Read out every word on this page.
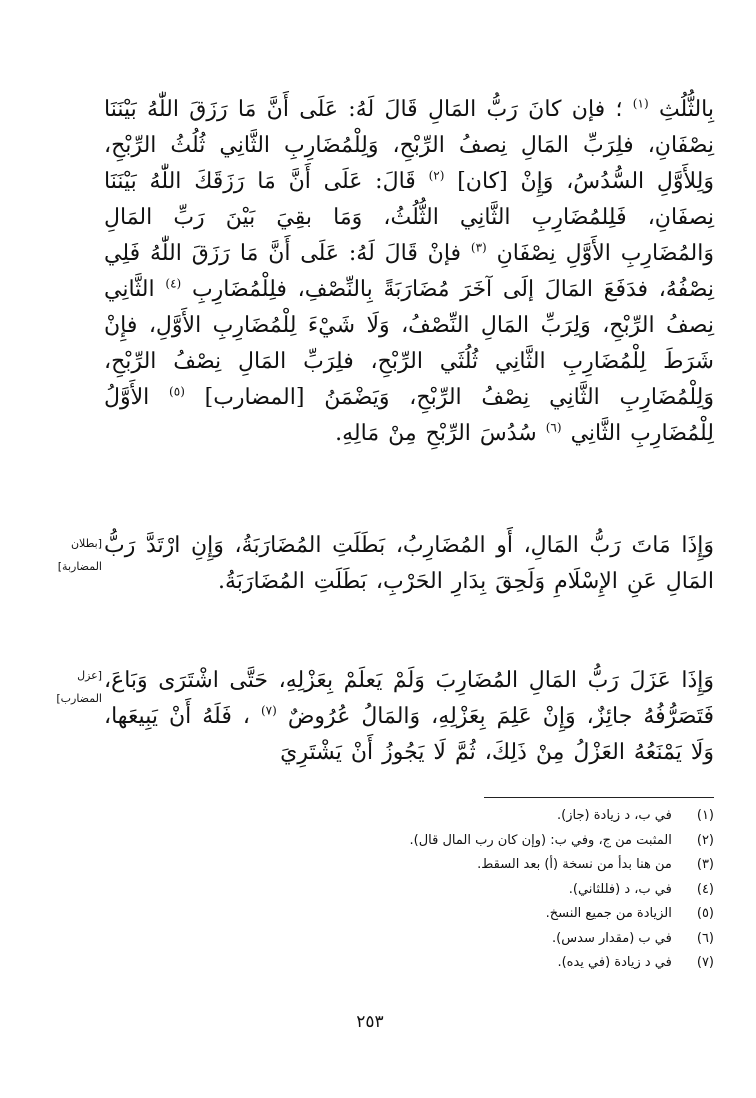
بِالثُّلُثِ $^{(١)}$ ؛ فإن كانَ رَبُّ المَالِ قَالَ لَهُ: عَلَى أَنَّ مَا رَزَقَ اللّٰهُ بَيْنَنَا نِصْفَانِ، فلِرَبِّ المَالِ نِصفُ الرِّبْحِ، وَلِلْمُضَارِبِ الثَّانِي ثُلُثُ الرِّبْحِ، وَلِلأَوَّلِ السُّدُسُ، وَإِنْ [كان] $^{(٢)}$ قَالَ: عَلَى أَنَّ مَا رَزَقَكَ اللّٰهُ بَيْنَنَا نِصفَانِ، فَلِلمُضَارِبِ الثَّانِي الثُّلُثُ، وَمَا بقِيَ بَيْنَ رَبِّ المَالِ وَالمُضَارِبِ الأَوَّلِ نِصْفَانِ $^{(٣)}$ فإنْ قَالَ لَهُ: عَلَى أَنَّ مَا رَزَقَ اللّٰهُ فَلِي نِصْفُهُ، فدَفَعَ المَالَ إلَى آخَرَ مُضَارَبَةً بِالنِّصْفِ، فلِلْمُضَارِبِ $^{(٤)}$ الثَّانِي نِصفُ الرِّبْحِ، وَلِرَبِّ المَالِ النِّصْفُ، وَلَا شَيْءَ لِلْمُضَارِبِ الأَوَّلِ، فإِنْ شَرَطَ لِلْمُضَارِبِ الثَّانِي ثُلُثَي الرِّبْحِ، فلِرَبِّ المَالِ نِصْفُ الرِّبْحِ، وَلِلْمُضَارِبِ الثَّانِي نِصْفُ الرِّبْحِ، وَيَضْمَنُ [المضارب] $^{(٥)}$ الأَوَّلُ لِلْمُضَارِبِ الثَّانِي $^{(٦)}$ سُدُسَ الرِّبْحِ مِنْ مَالِهِ.

[بطلان
المضاربة]

وَإِذَا مَاتَ رَبُّ المَالِ، أَو المُضَارِبُ، بَطَلَتِ المُضَارَبَةُ، وَإِنِ ارْتَدَّ رَبُّ المَالِ عَنِ الإِسْلَامِ وَلَحِقَ بِدَارِ الحَرْبِ، بَطَلَتِ المُضَارَبَةُ.

[عزل
المضارب]

وَإِذَا عَزَلَ رَبُّ المَالِ المُضَارِبَ وَلَمْ يَعلَمْ بِعَزْلِهِ، حَتَّى اشْتَرَى وَبَاعَ، فَتَصَرُّفُهُ جائِزٌ، وَإِنْ عَلِمَ بِعَزْلِهِ، وَالمَالُ عُرُوضٌ $^{(٧)}$ ، فَلَهُ أَنْ يَبِيعَها، وَلَا يَمْنَعُهُ العَزْلُ مِنْ ذَلِكَ، ثُمَّ لَا يَجُوزُ أَنْ يَشْتَرِيَ

(١) في ب، د زيادة (جاز).
(٢) المثبت من ج، وفي ب: (وإن كان رب المال قال).
(٣) من هنا بدأ من نسخة (أ) بعد السقط.
(٤) في ب، د (فللثاني).
(٥) الزيادة من جميع النسخ.
(٦) في ب (مقدار سدس).
(٧) في د زيادة (في يده).
٢٥٣
